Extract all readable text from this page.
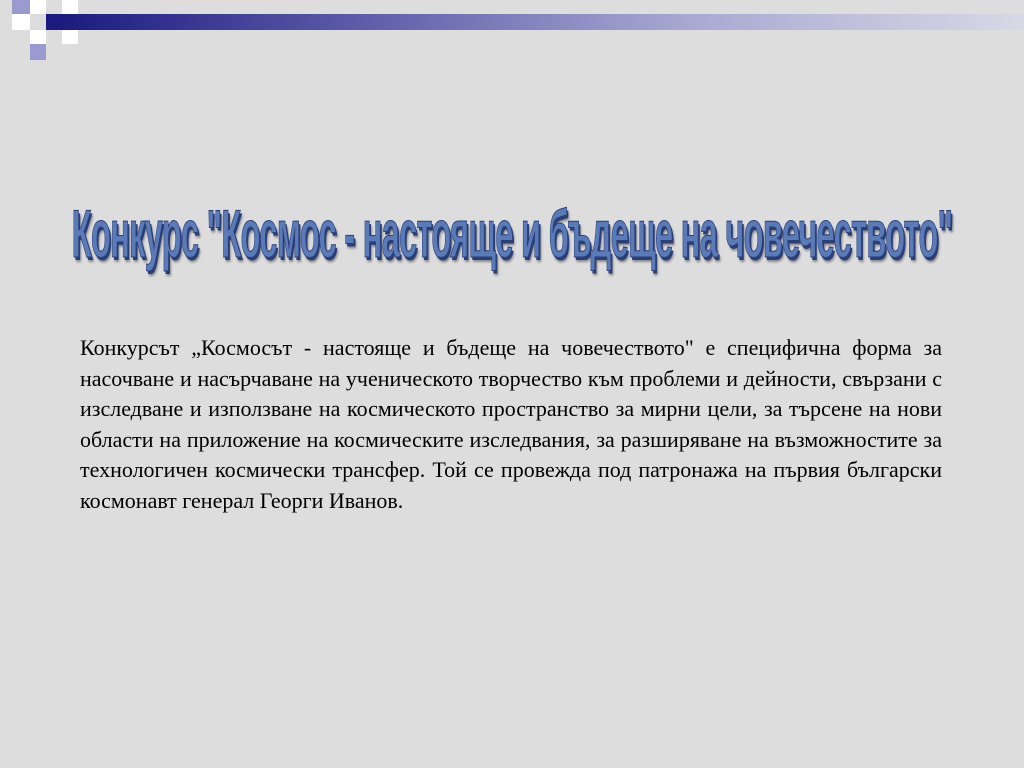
Конкурс "Космос - настояще и бъдеще на човечеството"

Конкурсът „Космосът - настояще и бъдеще на човечеството" е специфична форма за насочване и насърчаване на ученическото творчество към проблеми и дейности, свързани с изследване и използване на космическото пространство за мирни цели, за търсене на нови области на приложение на космическите изследвания, за разширяване на възможностите за технологичен космически трансфер. Той се провежда под патронажа на първия български космонавт генерал Георги Иванов.
